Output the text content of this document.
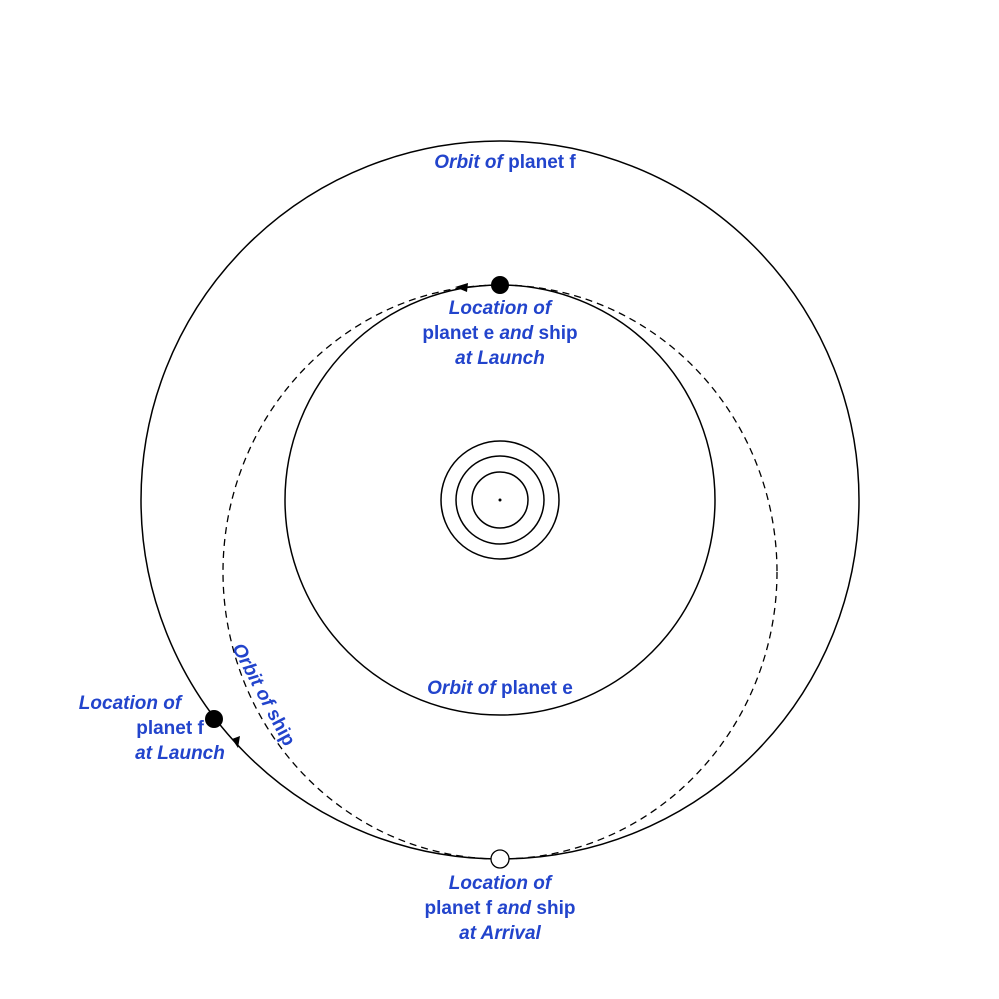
Orbit of planet f
Location of
planet e and ship
at Launch
Orbit of planet e
Orbit of ship
Location of
planet f
at Launch
Location of
planet f and ship
at Arrival
